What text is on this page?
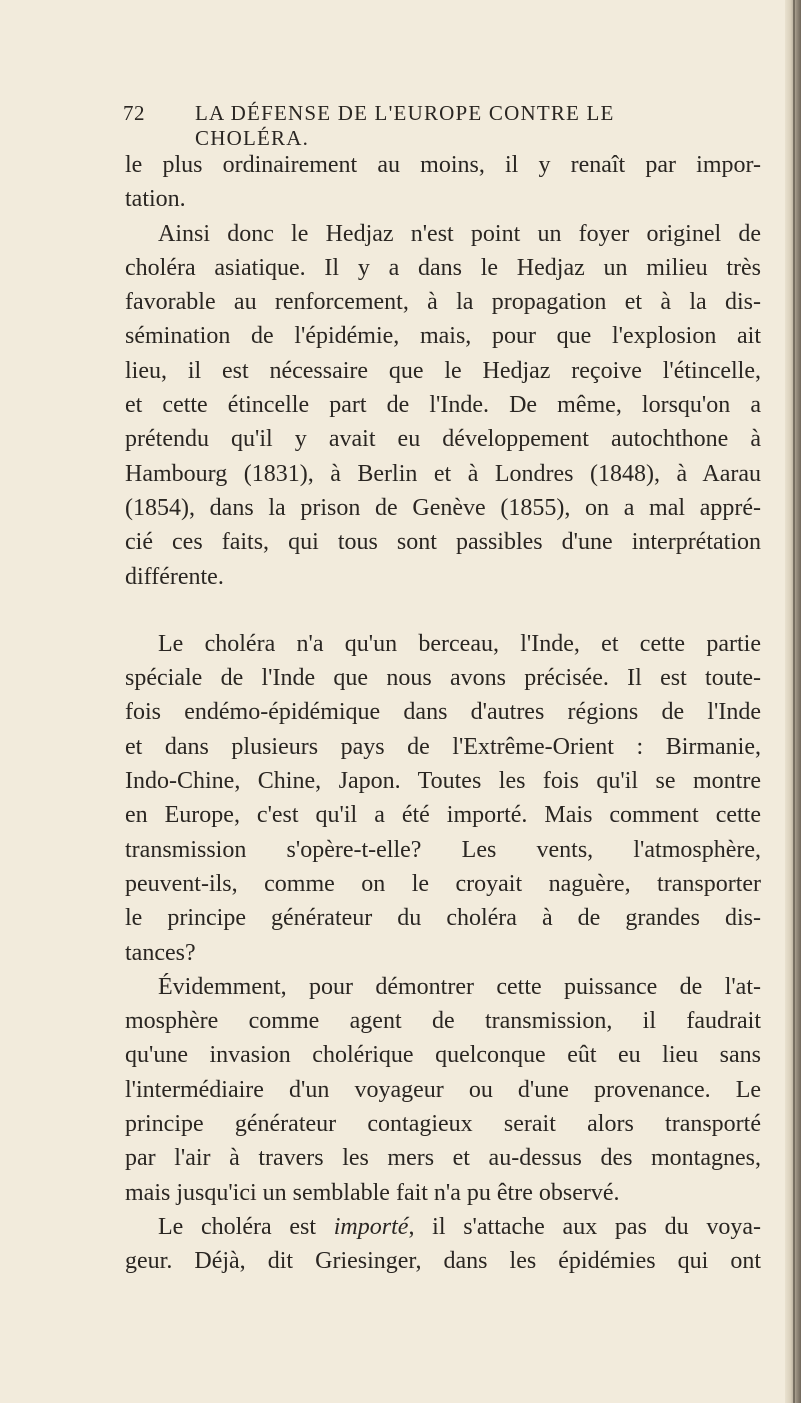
72 LA DÉFENSE DE L'EUROPE CONTRE LE CHOLÉRA.

le plus ordinairement au moins, il y renaît par impor-
tation.

Ainsi donc le Hedjaz n'est point un foyer originel de
choléra asiatique. Il y a dans le Hedjaz un milieu très
favorable au renforcement, à la propagation et à la dis-
sémination de l'épidémie, mais, pour que l'explosion ait
lieu, il est nécessaire que le Hedjaz reçoive l'étincelle,
et cette étincelle part de l'Inde. De même, lorsqu'on a
prétendu qu'il y avait eu développement autochthone à
Hambourg (1831), à Berlin et à Londres (1848), à Aarau
(1854), dans la prison de Genève (1855), on a mal appré-
cié ces faits, qui tous sont passibles d'une interprétation
différente.

Le choléra n'a qu'un berceau, l'Inde, et cette partie
spéciale de l'Inde que nous avons précisée. Il est toute-
fois endémo-épidémique dans d'autres régions de l'Inde
et dans plusieurs pays de l'Extrême-Orient : Birmanie,
Indo-Chine, Chine, Japon. Toutes les fois qu'il se montre
en Europe, c'est qu'il a été importé. Mais comment cette
transmission s'opère-t-elle? Les vents, l'atmosphère,
peuvent-ils, comme on le croyait naguère, transporter
le principe générateur du choléra à de grandes dis-
tances?

Évidemment, pour démontrer cette puissance de l'at-
mosphère comme agent de transmission, il faudrait
qu'une invasion cholérique quelconque eût eu lieu sans
l'intermédiaire d'un voyageur ou d'une provenance. Le
principe générateur contagieux serait alors transporté
par l'air à travers les mers et au-dessus des montagnes,
mais jusqu'ici un semblable fait n'a pu être observé.

Le choléra est importé, il s'attache aux pas du voya-
geur. Déjà, dit Griesinger, dans les épidémies qui ont
